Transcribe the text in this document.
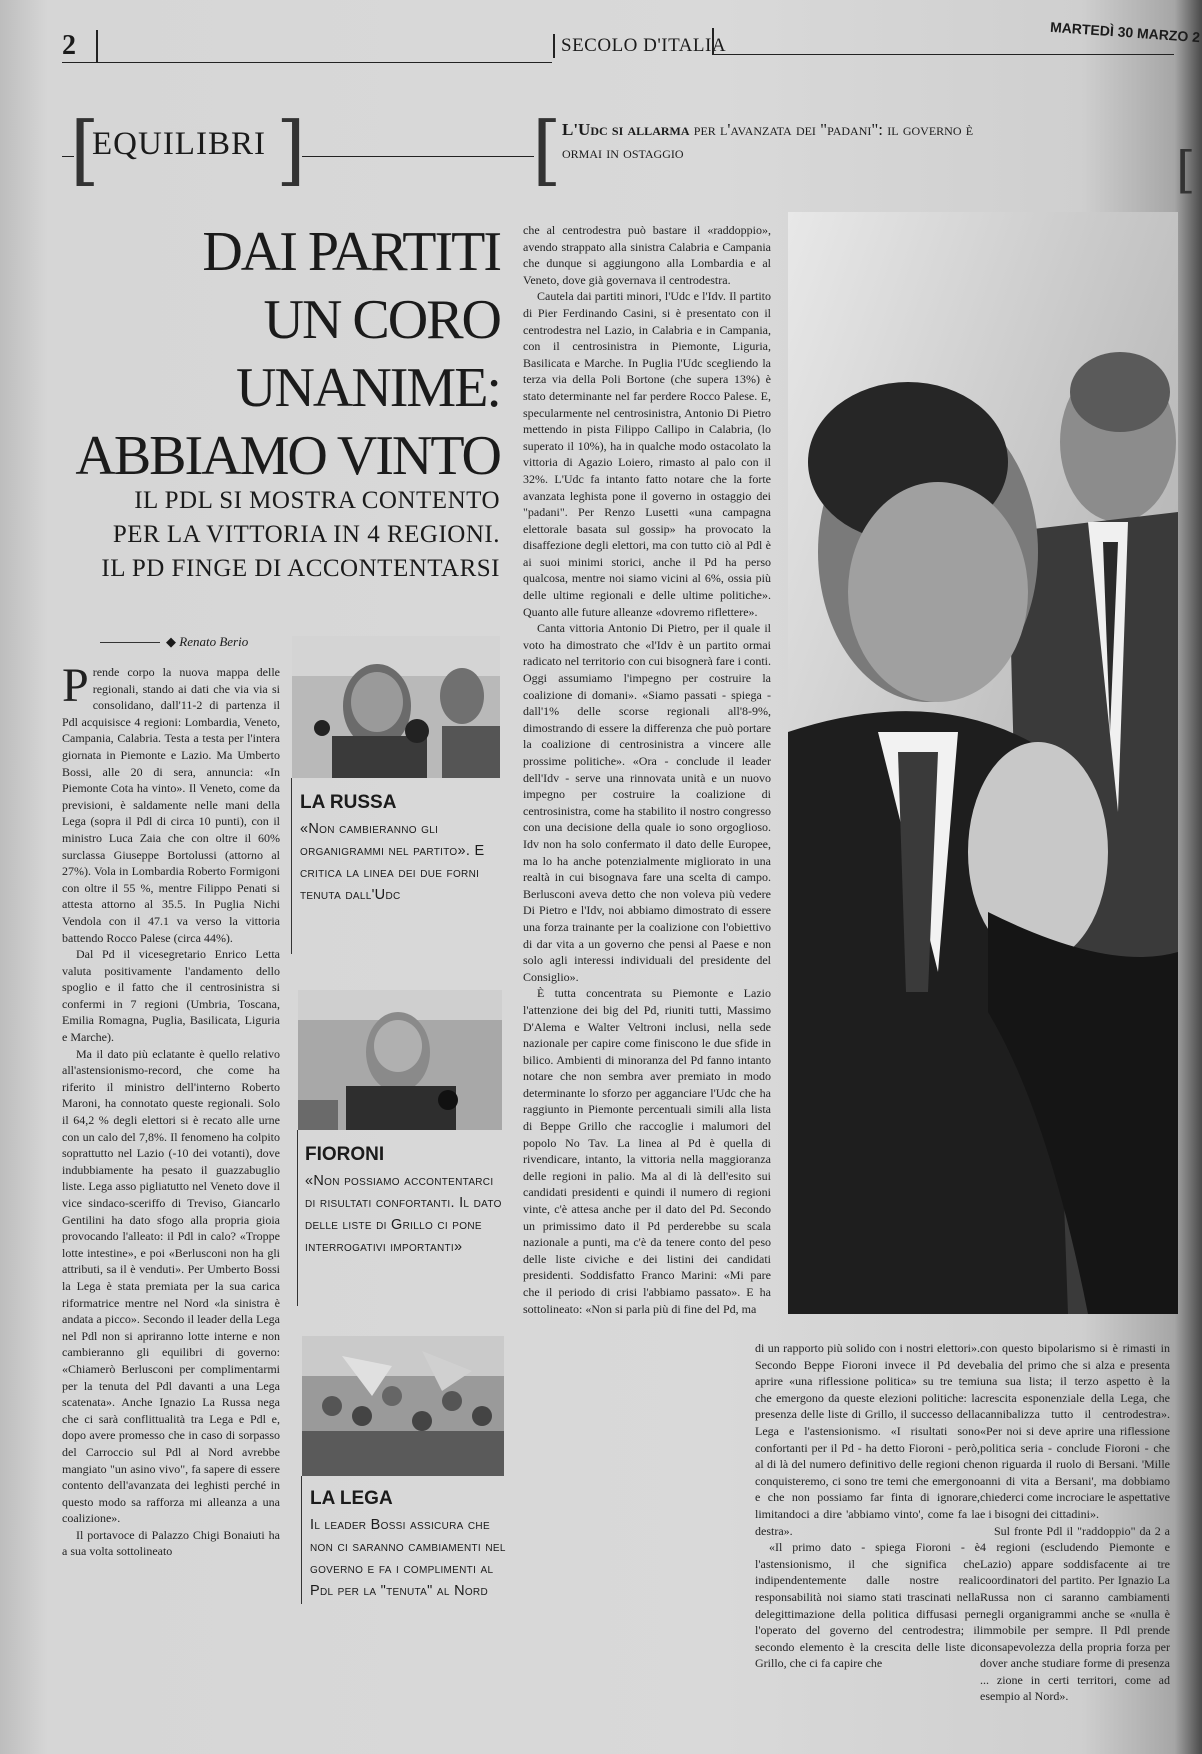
2	SECOLO D'ITALIA
MARTEDÌ 30 MARZO 2
[
EQUILIBRI ]	[ L'Udc si allarma per l'avanzata dei "padani": il governo è ormai in ostaggio	[
DAI PARTITI
UN CORO
UNANIME:
ABBIAMO VINTO
IL PDL SI MOSTRA CONTENTO
PER LA VITTORIA IN 4 REGIONI.
IL PD FINGE DI ACCONTENTARSI
◆ Renato Berio

Prende corpo la nuova mappa delle regionali, stando ai dati che via via si consolidano, dall'11-2 di partenza il Pdl acquisisce 4 regioni: Lombardia, Veneto, Campania, Calabria. Testa a testa per l'intera giornata in Piemonte e Lazio. Ma Umberto Bossi, alle 20 di sera, annuncia: «In Piemonte Cota ha vinto». Il Veneto, come da previsioni, è saldamente nelle mani della Lega (sopra il Pdl di circa 10 punti), con il ministro Luca Zaia che con oltre il 60% surclassa Giuseppe Bortolussi (attorno al 27%). Vola in Lombardia Roberto Formigoni con oltre il 55 %, mentre Filippo Penati si attesta attorno al 35.5. In Puglia Nichi Vendola con il 47.1 va verso la vittoria battendo Rocco Palese (circa 44%).

Dal Pd il vicesegretario Enrico Letta valuta positivamente l'andamento dello spoglio e il fatto che il centrosinistra si confermi in 7 regioni (Umbria, Toscana, Emilia Romagna, Puglia, Basilicata, Liguria e Marche).

Ma il dato più eclatante è quello relativo all'astensionismo-record, che come ha riferito il ministro dell'interno Roberto Maroni, ha connotato queste regionali. Solo il 64,2 % degli elettori si è recato alle urne con un calo del 7,8%. Il fenomeno ha colpito soprattutto nel Lazio (-10 dei votanti), dove indubbiamente ha pesato il guazzabuglio liste. Lega asso pigliatutto nel Veneto dove il vice sindaco-sceriffo di Treviso, Giancarlo Gentilini ha dato sfogo alla propria gioia provocando l'alleato: il Pdl in calo? «Troppe lotte intestine», e poi «Berlusconi non ha gli attributi, sa il è venduti». Per Umberto Bossi la Lega è stata premiata per la sua carica riformatrice mentre nel Nord «la sinistra è andata a picco». Secondo il leader della Lega nel Pdl non si apriranno lotte interne e non cambieranno gli equilibri di governo: «Chiamerò Berlusconi per complimentarmi per la tenuta del Pdl davanti a una Lega scatenata». Anche Ignazio La Russa nega che ci sarà conflittualità tra Lega e Pdl e, dopo avere promesso che in caso di sorpasso del Carroccio sul Pdl al Nord avrebbe mangiato "un asino vivo", fa sapere di essere contento dell'avanzata dei leghisti perché in questo modo sa rafforza mi alleanza a una coalizione».

Il portavoce di Palazzo Chigi Bonaiuti ha a sua volta sottolineato

LA RUSSA
«Non cambieranno gli organigrammi nel partito». E critica la linea dei due forni tenuta dall'Udc
FIORONI
«Non possiamo accontentarci di risultati confortanti. Il dato delle liste di Grillo ci pone interrogativi importanti»
LA LEGA
Il leader Bossi assicura che non ci saranno cambiamenti nel governo e fa i complimenti al Pdl per la "tenuta" al Nord

che al centrodestra può bastare il «raddoppio», avendo strappato alla sinistra Calabria e Campania che dunque si aggiungono alla Lombardia e al Veneto, dove già governava il centrodestra.

Cautela dai partiti minori, l'Udc e l'Idv. Il partito di Pier Ferdinando Casini, si è presentato con il centrodestra nel Lazio, in Calabria e in Campania, con il centrosinistra in Piemonte, Liguria, Basilicata e Marche. In Puglia l'Udc scegliendo la terza via della Poli Bortone (che supera 13%) è stato determinante nel far perdere Rocco Palese. E, specularmente nel centrosinistra, Antonio Di Pietro mettendo in pista Filippo Callipo in Calabria, (lo superato il 10%), ha in qualche modo ostacolato la vittoria di Agazio Loiero, rimasto al palo con il 32%. L'Udc fa intanto fatto notare che la forte avanzata leghista pone il governo in ostaggio dei "padani". Per Renzo Lusetti «una campagna elettorale basata sul gossip» ha provocato la disaffezione degli elettori, ma con tutto ciò al Pdl è ai suoi minimi storici, anche il Pd ha perso qualcosa, mentre noi siamo vicini al 6%, ossia più delle ultime regionali e delle ultime politiche». Quanto alle future alleanze «dovremo riflettere».

Canta vittoria Antonio Di Pietro, per il quale il voto ha dimostrato che «l'Idv è un partito ormai radicato nel territorio con cui bisognerà fare i conti. Oggi assumiamo l'impegno per costruire la coalizione di domani». «Siamo passati - spiega - dall'1% delle scorse regionali all'8-9%, dimostrando di essere la differenza che può portare la coalizione di centrosinistra a vincere alle prossime politiche». «Ora - conclude il leader dell'Idv - serve una rinnovata unità e un nuovo impegno per costruire la coalizione di centrosinistra, come ha stabilito il nostro congresso con una decisione della quale io sono orgoglioso. Idv non ha solo confermato il dato delle Europee, ma lo ha anche potenzialmente migliorato in una realtà in cui bisognava fare una scelta di campo. Berlusconi aveva detto che non voleva più vedere Di Pietro e l'Idv, noi abbiamo dimostrato di essere una forza trainante per la coalizione con l'obiettivo di dar vita a un governo che pensi al Paese e non solo agli interessi individuali del presidente del Consiglio».

È tutta concentrata su Piemonte e Lazio l'attenzione dei big del Pd, riuniti tutti, Massimo D'Alema e Walter Veltroni inclusi, nella sede nazionale per capire come finiscono le due sfide in bilico. Ambienti di minoranza del Pd fanno intanto notare che non sembra aver premiato in modo determinante lo sforzo per agganciare l'Udc che ha raggiunto in Piemonte percentuali simili alla lista di Beppe Grillo che raccoglie i malumori del popolo No Tav. La linea al Pd è quella di rivendicare, intanto, la vittoria nella maggioranza delle regioni in palio. Ma al di là dell'esito sui candidati presidenti e quindi il numero di regioni vinte, c'è attesa anche per il dato del Pd. Secondo un primissimo dato il Pd perderebbe su scala nazionale a punti, ma c'è da tenere conto del peso delle liste civiche e dei listini dei candidati presidenti. Soddisfatto Franco Marini: «Mi pare che il periodo di crisi l'abbiamo passato». E ha sottolineato: «Non si parla più di fine del Pd, ma

di un rapporto più solido con i nostri elettori». Secondo Beppe Fioroni invece il Pd deve aprire «una riflessione politica» su tre temi che emergono da queste elezioni politiche: la presenza delle liste di Grillo, il successo della Lega e l'astensionismo. «I risultati sono confortanti per il Pd - ha detto Fioroni - però, al di là del numero definitivo delle regioni che conquisteremo, ci sono tre temi che emergono e che non possiamo far finta di ignorare, limitandoci a dire 'abbiamo vinto', come fa la destra».

«Il primo dato - spiega Fioroni - è l'astensionismo, il che significa che indipendentemente dalle nostre reali responsabilità noi siamo stati trascinati nella delegittimazione della politica diffusasi per l'operato del governo del centrodestra; il secondo elemento è la crescita delle liste di Grillo, che ci fa capire che

con questo bipolarismo si è rimasti in balia del primo che si alza e presenta una sua lista; il terzo aspetto è la crescita esponenziale della Lega, che cannibalizza tutto il centrodestra». «Per noi si deve aprire una riflessione politica seria - conclude Fioroni - che non riguarda il ruolo di Bersani. 'Mille anni di vita a Bersani', ma dobbiamo chiederci come incrociare le aspettative e i bisogni dei cittadini».

Sul fronte Pdl il "raddoppio" da 2 a 4 regioni (escludendo Piemonte e Lazio) appare soddisfacente ai tre coordinatori del partito. Per Ignazio La Russa non ci saranno cambiamenti negli organigrammi anche se «nulla è immobile per sempre. Il Pdl prende consapevolezza della propria forza per dover anche studiare forme di presenza ... zione in certi territori, come ad esempio al Nord».
